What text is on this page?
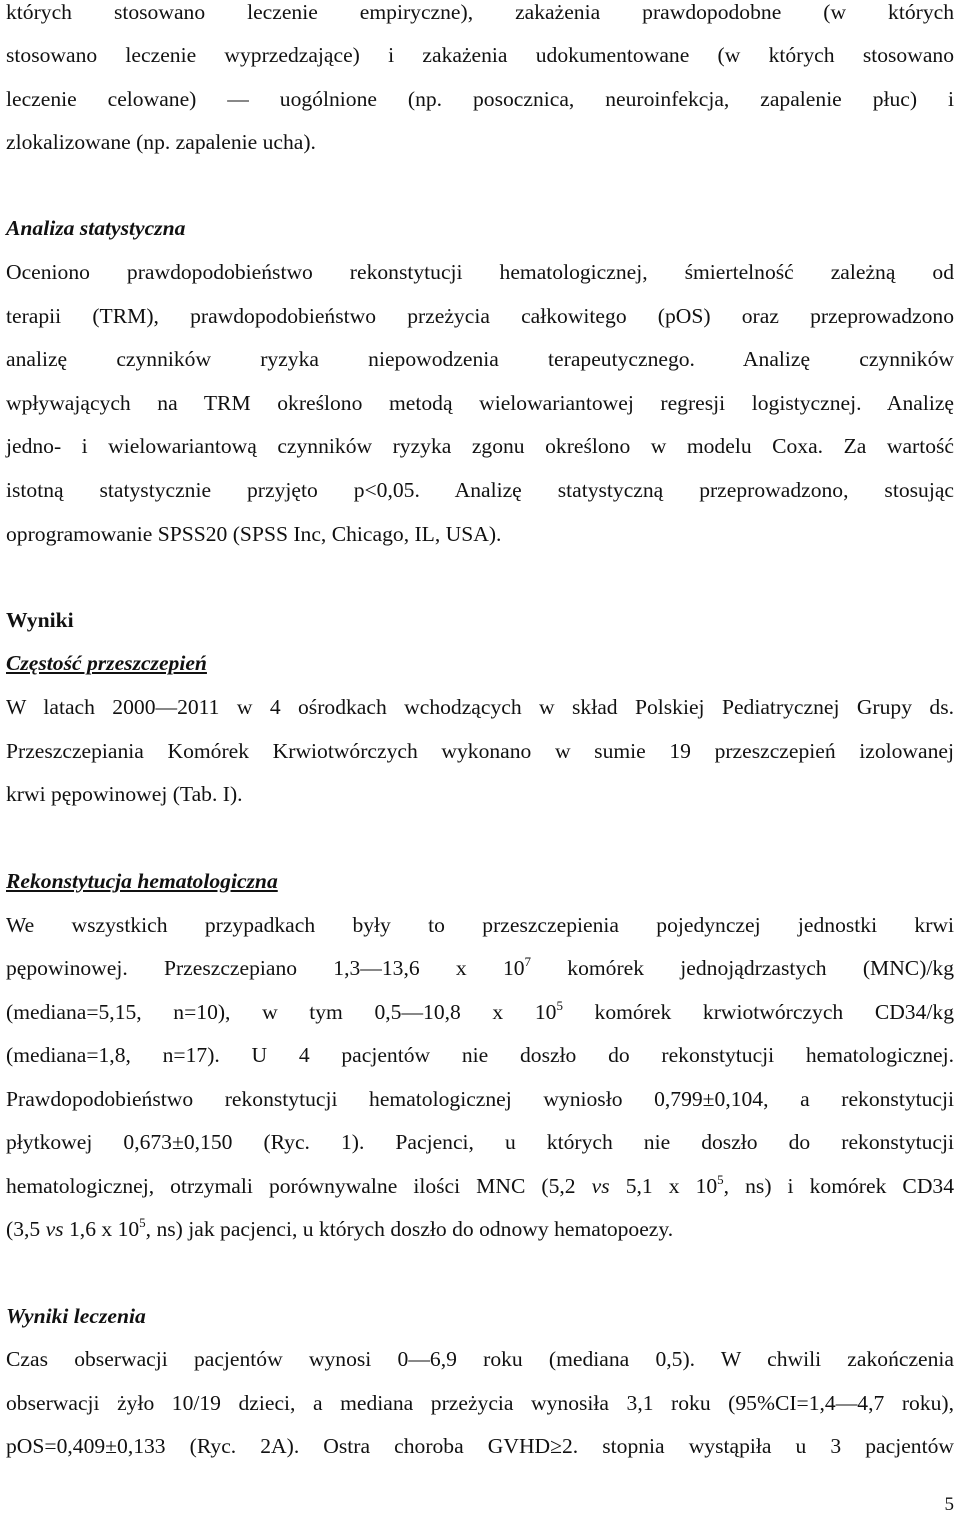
których stosowano leczenie empiryczne), zakażenia prawdopodobne (w których

stosowano leczenie wyprzedzające) i zakażenia udokumentowane (w których stosowano

leczenie celowane) — uogólnione (np. posocznica, neuroinfekcja, zapalenie płuc) i

zlokalizowane (np. zapalenie ucha).

Analiza statystyczna

Oceniono prawdopodobieństwo rekonstytucji hematologicznej, śmiertelność zależną od

terapii (TRM), prawdopodobieństwo przeżycia całkowitego (pOS) oraz przeprowadzono

analizę czynników ryzyka niepowodzenia terapeutycznego. Analizę czynników

wpływających na TRM określono metodą wielowariantowej regresji logistycznej. Analizę

jedno- i wielowariantową czynników ryzyka zgonu określono w modelu Coxa. Za wartość

istotną statystycznie przyjęto p<0,05. Analizę statystyczną przeprowadzono, stosując

oprogramowanie SPSS20 (SPSS Inc, Chicago, IL, USA).

Wyniki

Częstość przeszczepień

W latach 2000—2011 w 4 ośrodkach wchodzących w skład Polskiej Pediatrycznej Grupy ds.

Przeszczepiania Komórek Krwiotwórczych wykonano w sumie 19 przeszczepień izolowanej

krwi pępowinowej (Tab. I).

Rekonstytucja hematologiczna

We wszystkich przypadkach były to przeszczepienia pojedynczej jednostki krwi

pępowinowej. Przeszczepiano 1,3—13,6 x $10^7$ komórek jednojądrzastych (MNC)/kg

(mediana=5,15, n=10), w tym 0,5—10,8 x $10^5$ komórek krwiotwórczych CD34/kg

(mediana=1,8, n=17). U 4 pacjentów nie doszło do rekonstytucji hematologicznej.

Prawdopodobieństwo rekonstytucji hematologicznej wyniosło 0,799±0,104, a rekonstytucji

płytkowej 0,673±0,150 (Ryc. 1). Pacjenci, u których nie doszło do rekonstytucji

hematologicznej, otrzymali porównywalne ilości MNC (5,2 vs 5,1 x $10^5$, ns) i komórek CD34

(3,5 vs 1,6 x $10^5$, ns) jak pacjenci, u których doszło do odnowy hematopoezy.

Wyniki leczenia

Czas obserwacji pacjentów wynosi 0—6,9 roku (mediana 0,5). W chwili zakończenia

obserwacji żyło 10/19 dzieci, a mediana przeżycia wynosiła 3,1 roku (95%CI=1,4—4,7 roku),

pOS=0,409±0,133 (Ryc. 2A). Ostra choroba GVHD≥2. stopnia wystąpiła u 3 pacjentów

5
